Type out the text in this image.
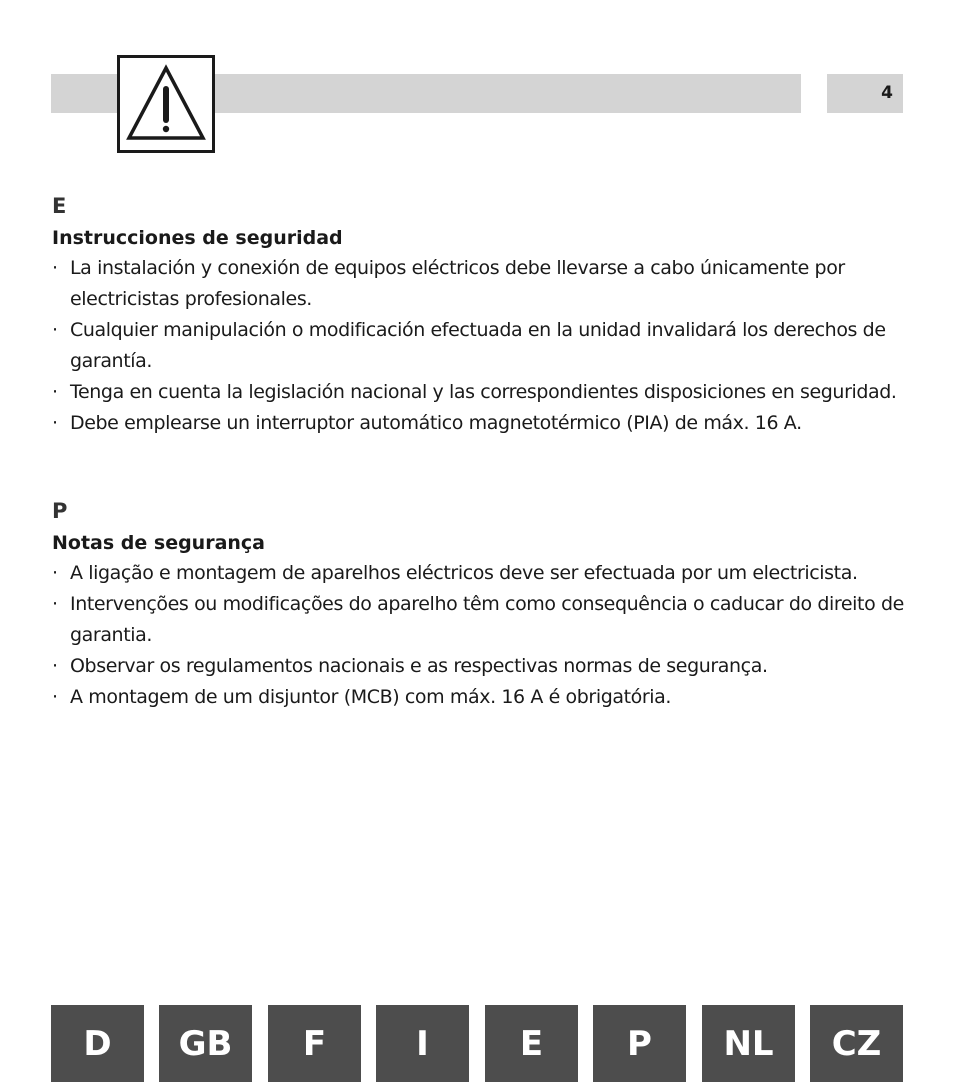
4
E
Instrucciones de seguridad
· La instalación y conexión de equipos eléctricos debe llevarse a cabo únicamente por electricistas profesionales.
· Cualquier manipulación o modificación efectuada en la unidad invalidará los derechos de garantía.
· Tenga en cuenta la legislación nacional y las correspondientes disposiciones en seguridad.
· Debe emplearse un interruptor automático magnetotérmico (PIA) de máx. 16 A.
P
Notas de segurança
· A ligação e montagem de aparelhos eléctricos deve ser efectuada por um electricista.
· Intervenções ou modificações do aparelho têm como consequência o caducar do direito de garantia.
· Observar os regulamentos nacionais e as respectivas normas de segurança.
· A montagem de um disjuntor (MCB) com máx. 16 A é obrigatória.
D	GB	F	I	E	P	NL	CZ
